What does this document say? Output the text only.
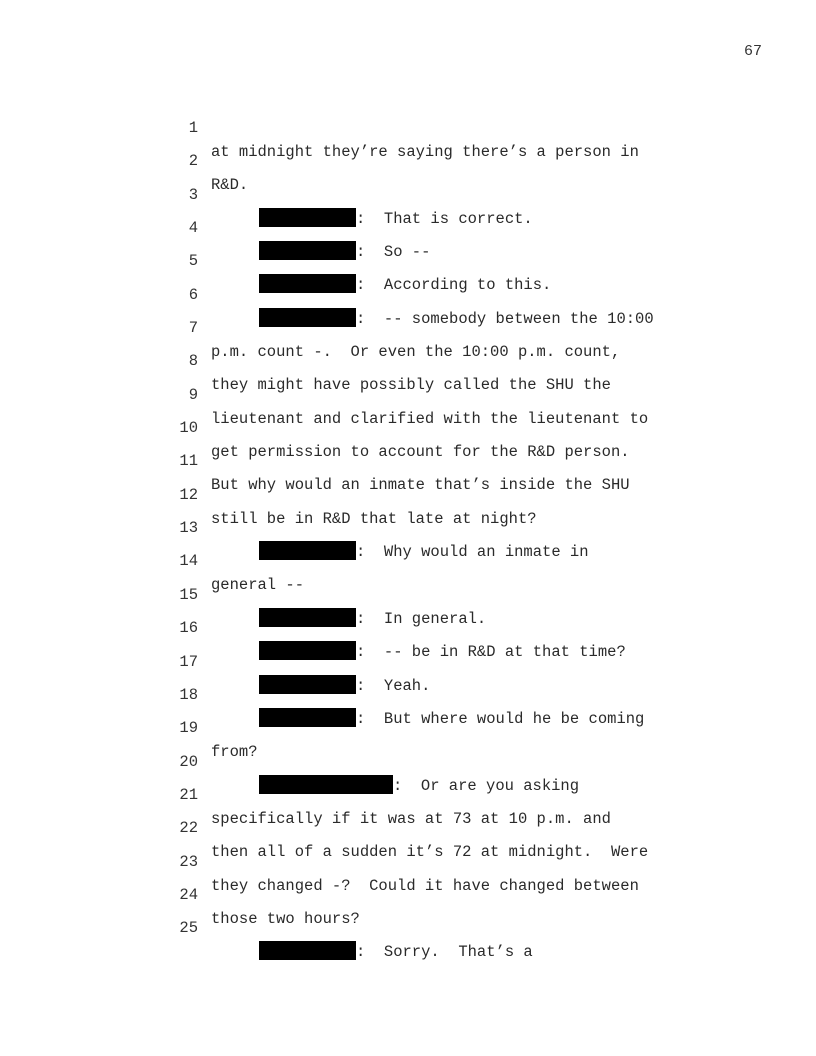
67

1

at midnight they’re saying there’s a person in

2

R&D.

3

:  That is correct.

4

:  So --

5

:  According to this.

6

:  -- somebody between the 10:00

7

p.m. count -.  Or even the 10:00 p.m. count,

8

they might have possibly called the SHU the

9

lieutenant and clarified with the lieutenant to

10

get permission to account for the R&D person.

11

But why would an inmate that’s inside the SHU

12

still be in R&D that late at night?

13

:  Why would an inmate in

14

general --

15

:  In general.

16

:  -- be in R&D at that time?

17

:  Yeah.

18

:  But where would he be coming

19

from?

20

:  Or are you asking

21

specifically if it was at 73 at 10 p.m. and

22

then all of a sudden it’s 72 at midnight.  Were

23

they changed -?  Could it have changed between

24

those two hours?

25

:  Sorry.  That’s a
